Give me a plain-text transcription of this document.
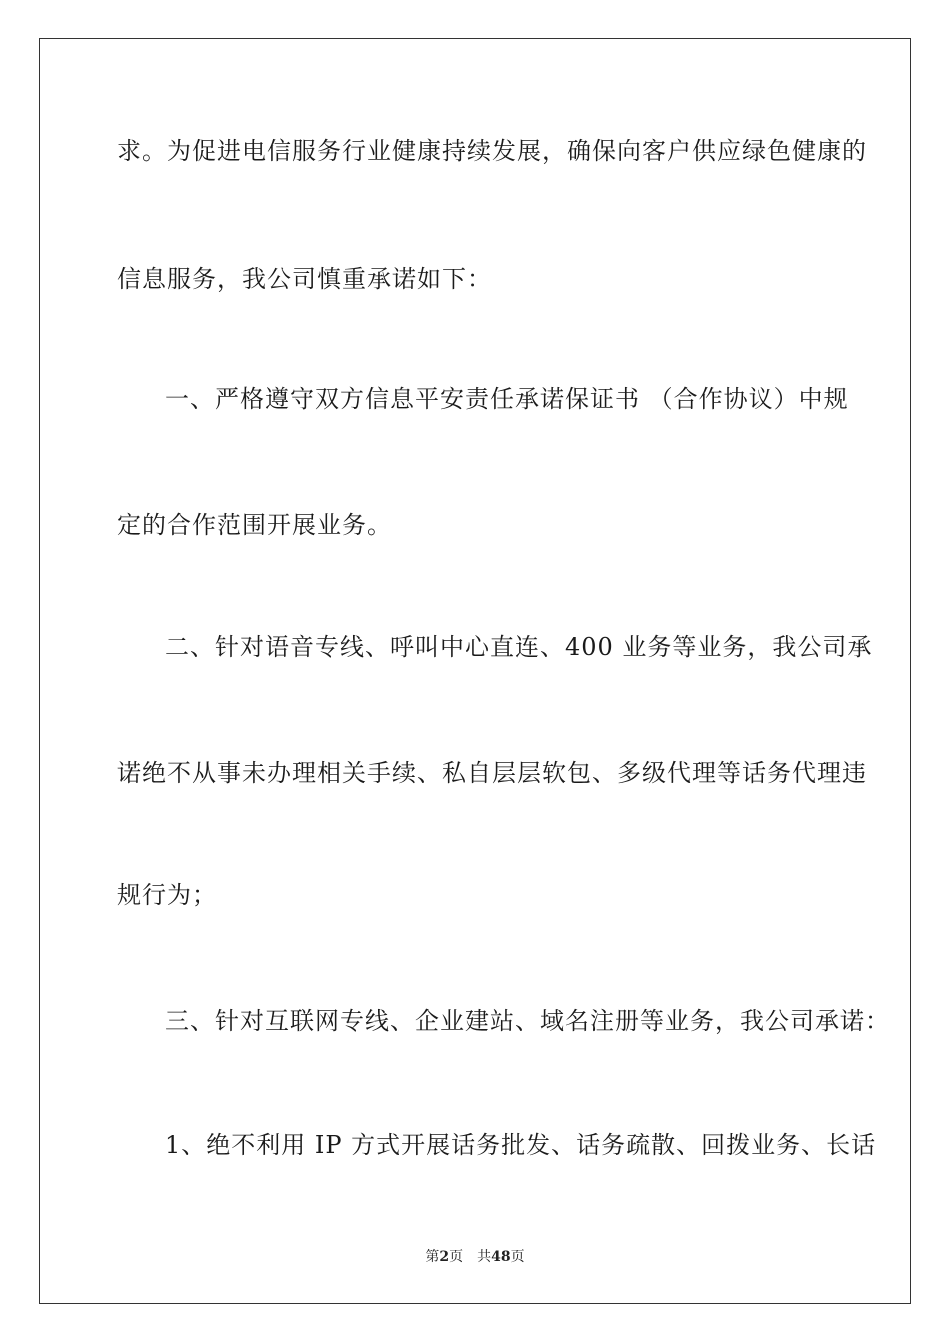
求。为促进电信服务行业健康持续发展，确保向客户供应绿色健康的
信息服务，我公司慎重承诺如下：
一、严格遵守双方信息平安责任承诺保证书 （合作协议）中规
定的合作范围开展业务。
二、针对语音专线、呼叫中心直连、400 业务等业务，我公司承
诺绝不从事未办理相关手续、私自层层软包、多级代理等话务代理违
规行为；
三、针对互联网专线、企业建站、域名注册等业务，我公司承诺：
1、绝不利用 IP 方式开展话务批发、话务疏散、回拨业务、长话
第2页 共48页
